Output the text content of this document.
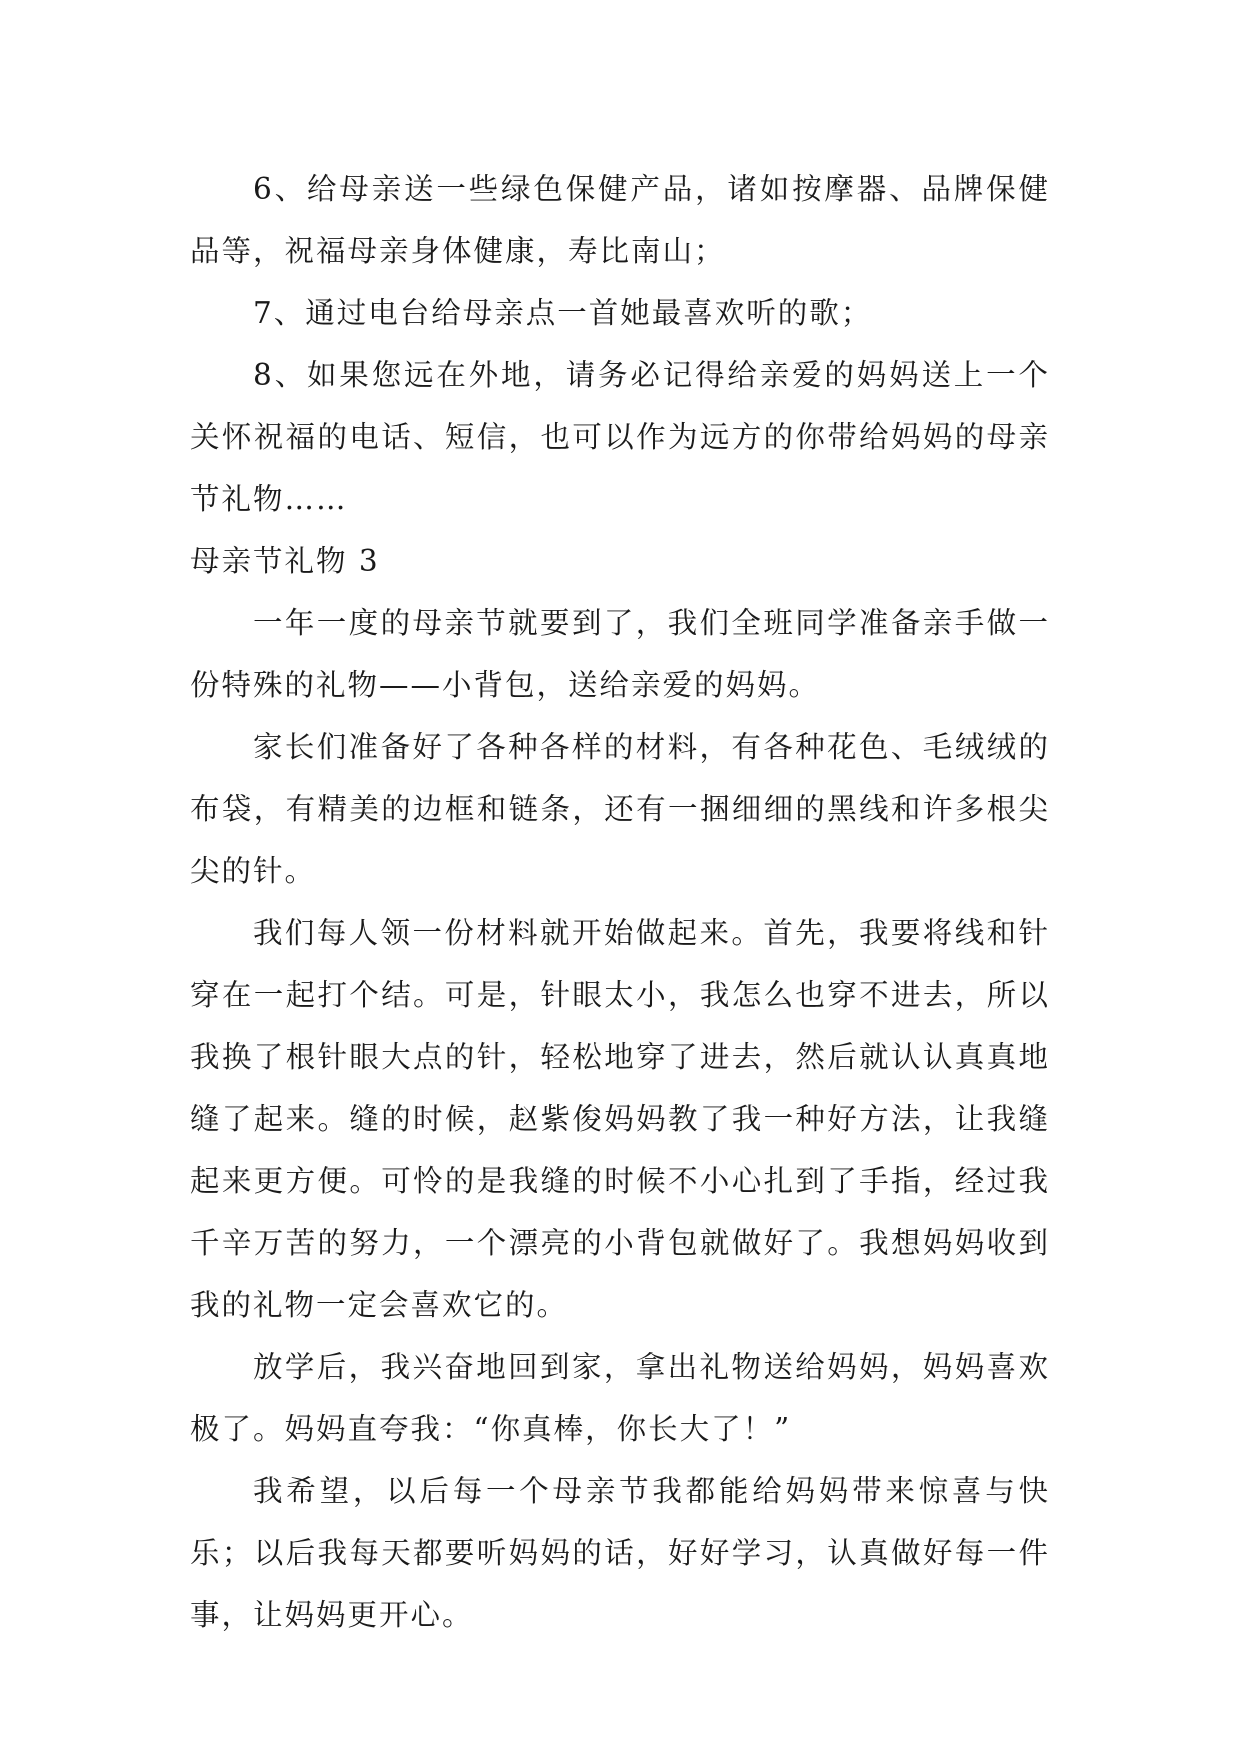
6、给母亲送一些绿色保健产品，诸如按摩器、品牌保健品等，祝福母亲身体健康，寿比南山；

7、通过电台给母亲点一首她最喜欢听的歌；

8、如果您远在外地，请务必记得给亲爱的妈妈送上一个关怀祝福的电话、短信，也可以作为远方的你带给妈妈的母亲节礼物……

母亲节礼物 3

一年一度的母亲节就要到了，我们全班同学准备亲手做一份特殊的礼物——小背包，送给亲爱的妈妈。

家长们准备好了各种各样的材料，有各种花色、毛绒绒的布袋，有精美的边框和链条，还有一捆细细的黑线和许多根尖尖的针。

我们每人领一份材料就开始做起来。首先，我要将线和针穿在一起打个结。可是，针眼太小，我怎么也穿不进去，所以我换了根针眼大点的针，轻松地穿了进去，然后就认认真真地缝了起来。缝的时候，赵紫俊妈妈教了我一种好方法，让我缝起来更方便。可怜的是我缝的时候不小心扎到了手指，经过我千辛万苦的努力，一个漂亮的小背包就做好了。我想妈妈收到我的礼物一定会喜欢它的。

放学后，我兴奋地回到家，拿出礼物送给妈妈，妈妈喜欢极了。妈妈直夸我：“你真棒，你长大了！”

我希望，以后每一个母亲节我都能给妈妈带来惊喜与快乐；以后我每天都要听妈妈的话，好好学习，认真做好每一件事，让妈妈更开心。
